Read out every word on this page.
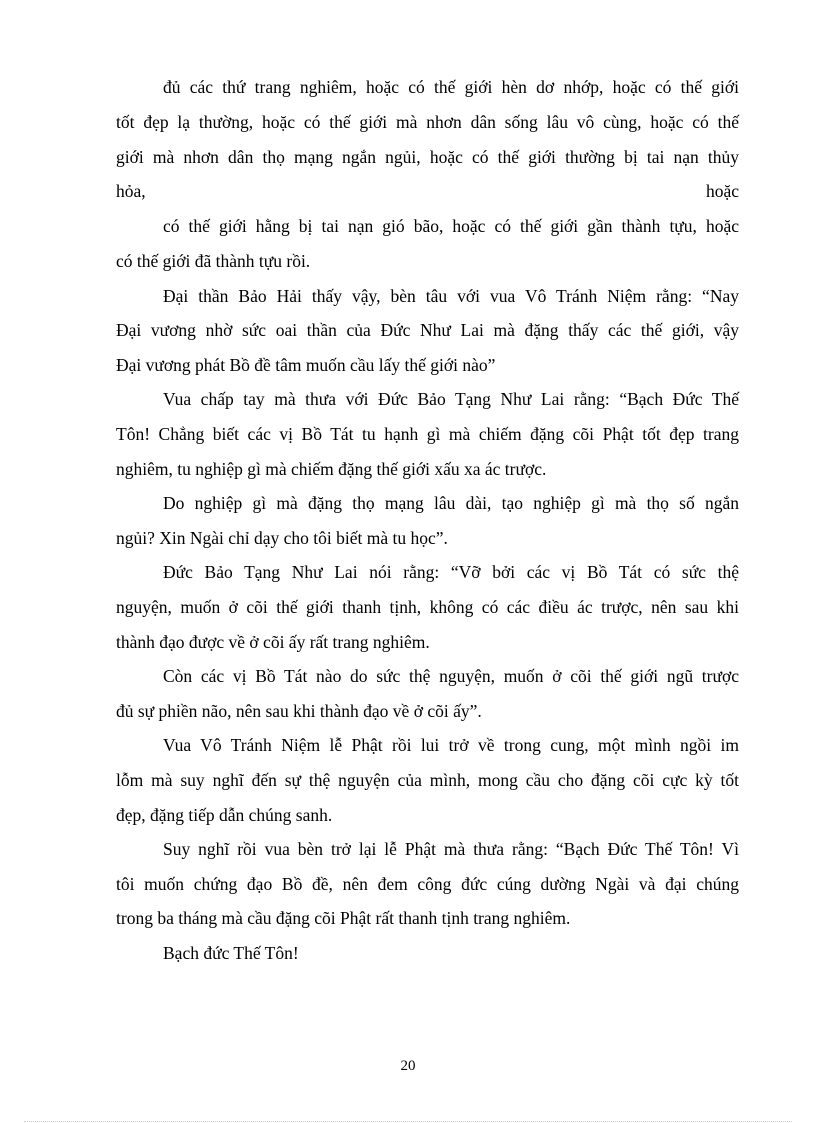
đủ các thứ trang nghiêm, hoặc có thế giới hèn dơ nhớp, hoặc có thế giới
tốt đẹp lạ thường, hoặc có thế giới mà nhơn dân sống lâu vô cùng, hoặc có thế
giới mà nhơn dân thọ mạng ngắn ngủi, hoặc có thế giới thường bị tai nạn thủy
hỏa,	hoặc
có thế giới hằng bị tai nạn gió bão, hoặc có thế giới gần thành tựu, hoặc
có thế giới đã thành tựu rồi.
Đại thần Bảo Hải thấy vậy, bèn tâu với vua Vô Tránh Niệm rằng: “Nay
Đại vương nhờ sức oai thần của Đức Như Lai mà đặng thấy các thế giới, vậy
Đại vương phát Bồ đề tâm muốn cầu lấy thế giới nào”
Vua chấp tay mà thưa với Đức Bảo Tạng Như Lai rằng: “Bạch Đức Thế
Tôn! Chẳng biết các vị Bồ Tát tu hạnh gì mà chiếm đặng cõi Phật tốt đẹp trang
nghiêm, tu nghiệp gì mà chiếm đặng thế giới xấu xa ác trược.
Do nghiệp gì mà đặng thọ mạng lâu dài, tạo nghiệp gì mà thọ số ngắn
ngủi? Xin Ngài chỉ dạy cho tôi biết mà tu học”.
Đức Bảo Tạng Như Lai nói rằng: “Vỡ bởi các vị Bồ Tát có sức thệ
nguyện, muốn ở cõi thế giới thanh tịnh, không có các điều ác trược, nên sau khi
thành đạo được về ở cõi ấy rất trang nghiêm.
Còn các vị Bồ Tát nào do sức thệ nguyện, muốn ở cõi thế giới ngũ trược
đủ sự phiền não, nên sau khi thành đạo về ở cõi ấy”.
Vua Vô Tránh Niệm lễ Phật rồi lui trở về trong cung, một mình ngồi im
lỗm mà suy nghĩ đến sự thệ nguyện của mình, mong cầu cho đặng cõi cực kỳ tốt
đẹp, đặng tiếp dẫn chúng sanh.
Suy nghĩ rồi vua bèn trở lại lễ Phật mà thưa rằng: “Bạch Đức Thế Tôn! Vì
tôi muốn chứng đạo Bồ đề, nên đem công đức cúng dường Ngài và đại chúng
trong ba tháng mà cầu đặng cõi Phật rất thanh tịnh trang nghiêm.
Bạch đức Thế Tôn!
20
